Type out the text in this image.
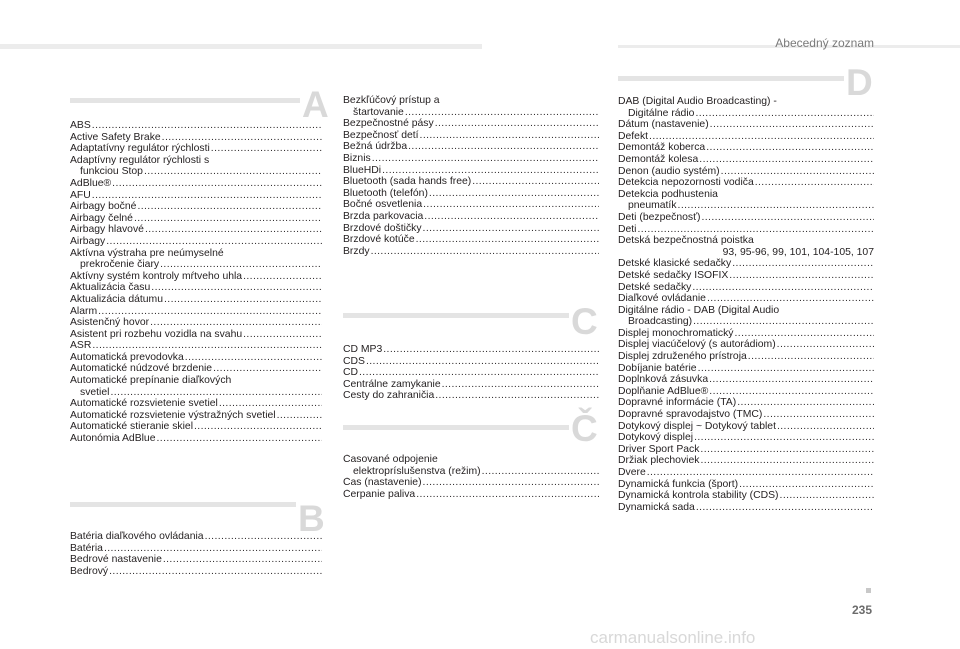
Abecedný zoznam
A
ABS.....
Active Safety Brake.....
Adaptatívny regulátor rýchlosti.....
Adaptívny regulátor rýchlosti s
funkciou Stop.....
AdBlue®.....
AFU.....
Airbagy bočné.....
Airbagy čelné.....
Airbagy hlavové.....
Airbagy.....
Aktívna výstraha pre neúmyselné
prekročenie čiary.....
Aktívny systém kontroly mŕtveho uhla.....
Aktualizácia času.....
Aktualizácia dátumu.....
Alarm.....
Asistenčný hovor.....
Asistent pri rozbehu vozidla na svahu.....
ASR.....
Automatická prevodovka.....
Automatické núdzové brzdenie.....
Automatické prepínanie diaľkových
svetiel.....
Automatické rozsvietenie svetiel.....
Automatické rozsvietenie výstražných svetiel.....
Automatické stieranie skiel.....
Autonómia AdBlue.....
B
Batéria diaľkového ovládania.....
Batéria.....
Bedrové nastavenie.....
Bedrový.....
Bezkľúčový prístup a
štartovanie.....
Bezpečnostné pásy.....
Bezpečnosť detí.....
Bežná údržba.....
Biznis.....
BlueHDi.....
Bluetooth (sada hands free).....
Bluetooth (telefón).....
Bočné osvetlenia.....
Brzda parkovacia.....
Brzdové doštičky.....
Brzdové kotúče.....
Brzdy.....
C
CD MP3.....
CDS.....
CD.....
Centrálne zamykanie.....
Cesty do zahraničia.....
Č
Časované odpojenie
elektropríslušenstva (režim).....
Čas (nastavenie).....
Čerpanie paliva.....
D
DAB (Digital Audio Broadcasting) -
Digitálne rádio.....
Dátum (nastavenie).....
Defekt.....
Demontáž koberca.....
Demontáž kolesa.....
Denon (audio systém).....
Detekcia nepozornosti vodiča.....
Detekcia podhustenia
pneumatík.....
Deti (bezpečnosť).....
Deti.....
Detská bezpečnostná poistka
93, 95-96, 99, 101, 104-105, 107
Detské klasické sedačky.....
Detské sedačky ISOFIX.....
Detské sedačky.....
Diaľkové ovládanie.....
Digitálne rádio - DAB (Digital Audio
Broadcasting).....
Displej monochromatický.....
Displej viacúčelový (s autorádiom).....
Displej združeného prístroja.....
Dobíjanie batérie.....
Doplnková zásuvka.....
Doplňanie AdBlue®.....
Dopravné informácie (TA).....
Dopravné spravodajstvo (TMC).....
Dotykový displej ~ Dotykový tablet.....
Dotykový displej.....
Driver Sport Pack.....
Držiak plechoviek.....
Dvere.....
Dynamická funkcia (šport).....
Dynamická kontrola stability (CDS).....
Dynamická sada.....
235
carmanualsonline.info
